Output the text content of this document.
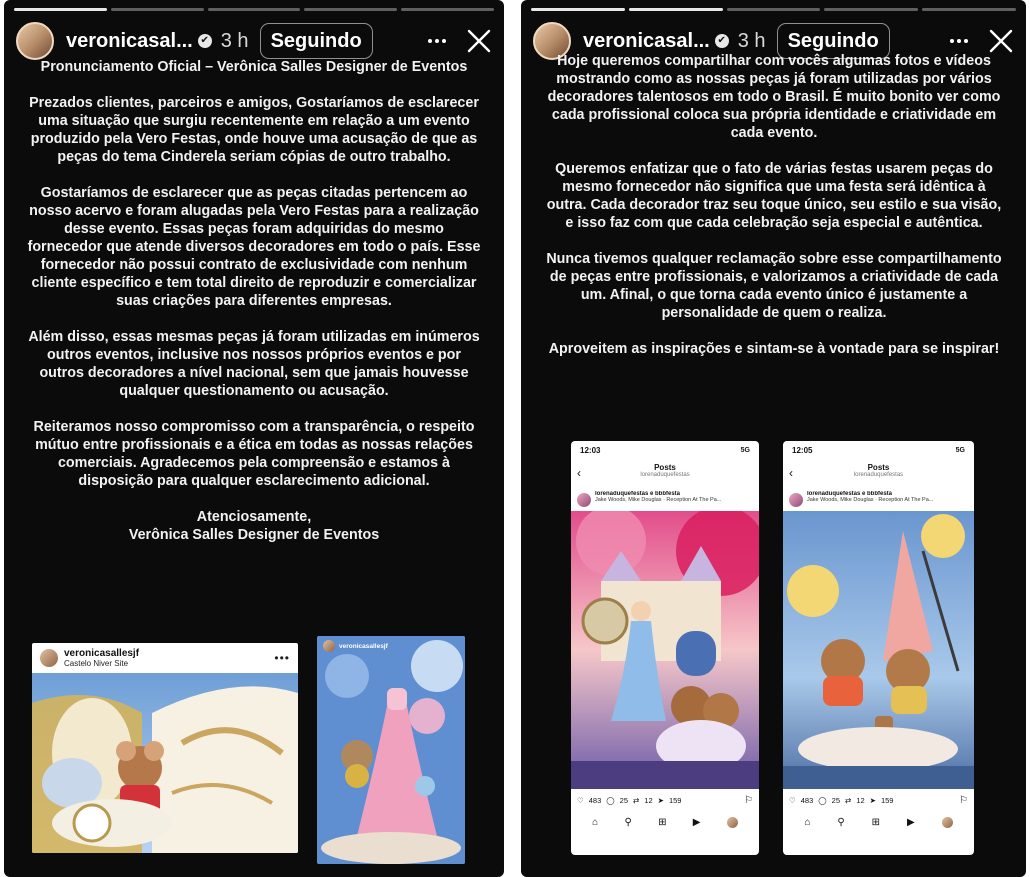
veronicasal... ✔ 3 h	Seguindo

Pronunciamento Oficial – Verônica Salles Designer de Eventos

Prezados clientes, parceiros e amigos, Gostaríamos de esclarecer uma situação que surgiu recentemente em relação a um evento produzido pela Vero Festas, onde houve uma acusação de que as peças do tema Cinderela seriam cópias de outro trabalho.

Gostaríamos de esclarecer que as peças citadas pertencem ao nosso acervo e foram alugadas pela Vero Festas para a realização desse evento. Essas peças foram adquiridas do mesmo fornecedor que atende diversos decoradores em todo o país. Esse fornecedor não possui contrato de exclusividade com nenhum cliente específico e tem total direito de reproduzir e comercializar suas criações para diferentes empresas.

Além disso, essas mesmas peças já foram utilizadas em inúmeros outros eventos, inclusive nos nossos próprios eventos e por outros decoradores a nível nacional, sem que jamais houvesse qualquer questionamento ou acusação.

Reiteramos nosso compromisso com a transparência, o respeito mútuo entre profissionais e a ética em todas as nossas relações comerciais. Agradecemos pela compreensão e estamos à disposição para qualquer esclarecimento adicional.

Atenciosamente,

Verônica Salles Designer de Eventos

veronicasallesjf
Castelo Niver Site	•••
veronicasallesjf
veronicasal... ✔ 3 h	Seguindo

Hoje queremos compartilhar com vocês algumas fotos e vídeos mostrando como as nossas peças já foram utilizadas por vários decoradores talentosos em todo o Brasil. É muito bonito ver como cada profissional coloca sua própria identidade e criatividade em cada evento.

Queremos enfatizar que o fato de várias festas usarem peças do mesmo fornecedor não significa que uma festa será idêntica à outra. Cada decorador traz seu toque único, seu estilo e sua visão, e isso faz com que cada celebração seja especial e autêntica.

Nunca tivemos qualquer reclamação sobre esse compartilhamento de peças entre profissionais, e valorizamos a criatividade de cada um. Afinal, o que torna cada evento único é justamente a personalidade de quem o realiza.

Aproveitem as inspirações e sintam-se à vontade para se inspirar!

12:03	5G
‹	Posts
lorenaduquefestas
lorenaduquefestas e bbbfesta
Jake Woods, Mike Douglas · Reception At The Pa...
♡ 483 ◯ 25 ⇄ 12 ➤ 159	⚐
⌂	⚲	⊞	▶
12:05	5G
‹	Posts
lorenaduquefestas
lorenaduquefestas e bbbfesta
Jake Woods, Mike Douglas · Reception At The Pa...
♡ 483 ◯ 25 ⇄ 12 ➤ 159	⚐
⌂	⚲	⊞	▶
